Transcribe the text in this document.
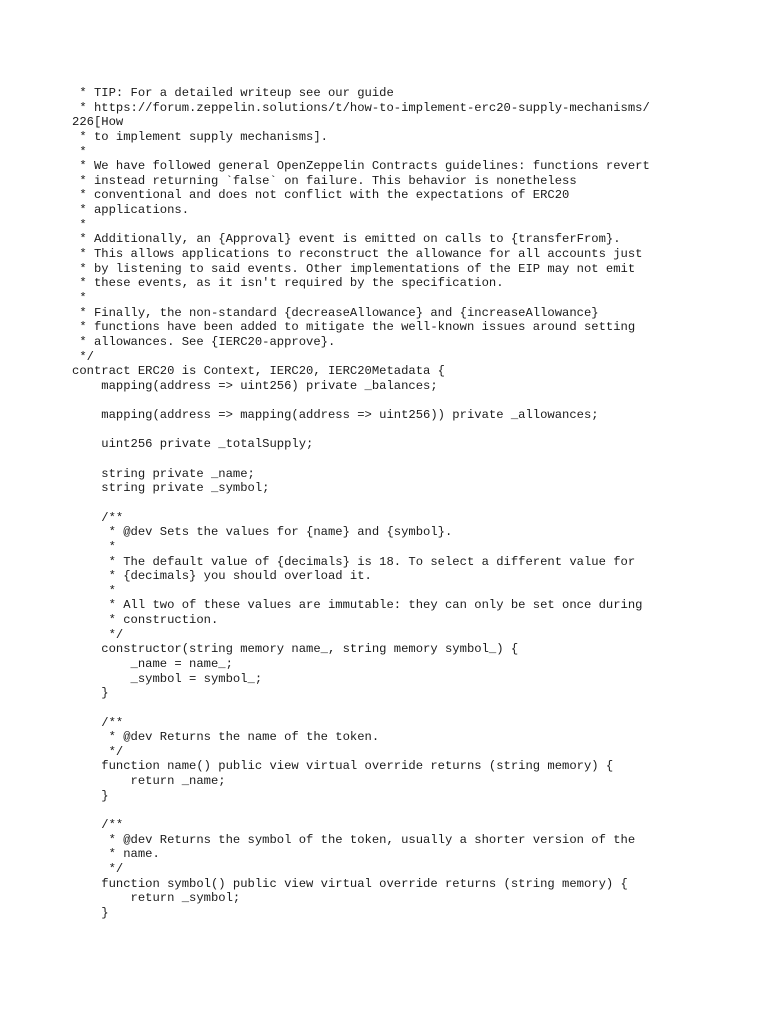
* TIP: For a detailed writeup see our guide
* https://forum.zeppelin.solutions/t/how-to-implement-erc20-supply-mechanisms/
226[How
* to implement supply mechanisms].
*
* We have followed general OpenZeppelin Contracts guidelines: functions revert
* instead returning `false` on failure. This behavior is nonetheless
* conventional and does not conflict with the expectations of ERC20
* applications.
*
* Additionally, an {Approval} event is emitted on calls to {transferFrom}.
* This allows applications to reconstruct the allowance for all accounts just
* by listening to said events. Other implementations of the EIP may not emit
* these events, as it isn't required by the specification.
*
* Finally, the non-standard {decreaseAllowance} and {increaseAllowance}
* functions have been added to mitigate the well-known issues around setting
* allowances. See {IERC20-approve}.
*/
contract ERC20 is Context, IERC20, IERC20Metadata {
mapping(address => uint256) private _balances;
mapping(address => mapping(address => uint256)) private _allowances;
uint256 private _totalSupply;
string private _name;
string private _symbol;
/**
* @dev Sets the values for {name} and {symbol}.
*
* The default value of {decimals} is 18. To select a different value for
* {decimals} you should overload it.
*
* All two of these values are immutable: they can only be set once during
* construction.
*/
constructor(string memory name_, string memory symbol_) {
_name = name_;
_symbol = symbol_;
}
/**
* @dev Returns the name of the token.
*/
function name() public view virtual override returns (string memory) {
return _name;
}
/**
* @dev Returns the symbol of the token, usually a shorter version of the
* name.
*/
function symbol() public view virtual override returns (string memory) {
return _symbol;
}
